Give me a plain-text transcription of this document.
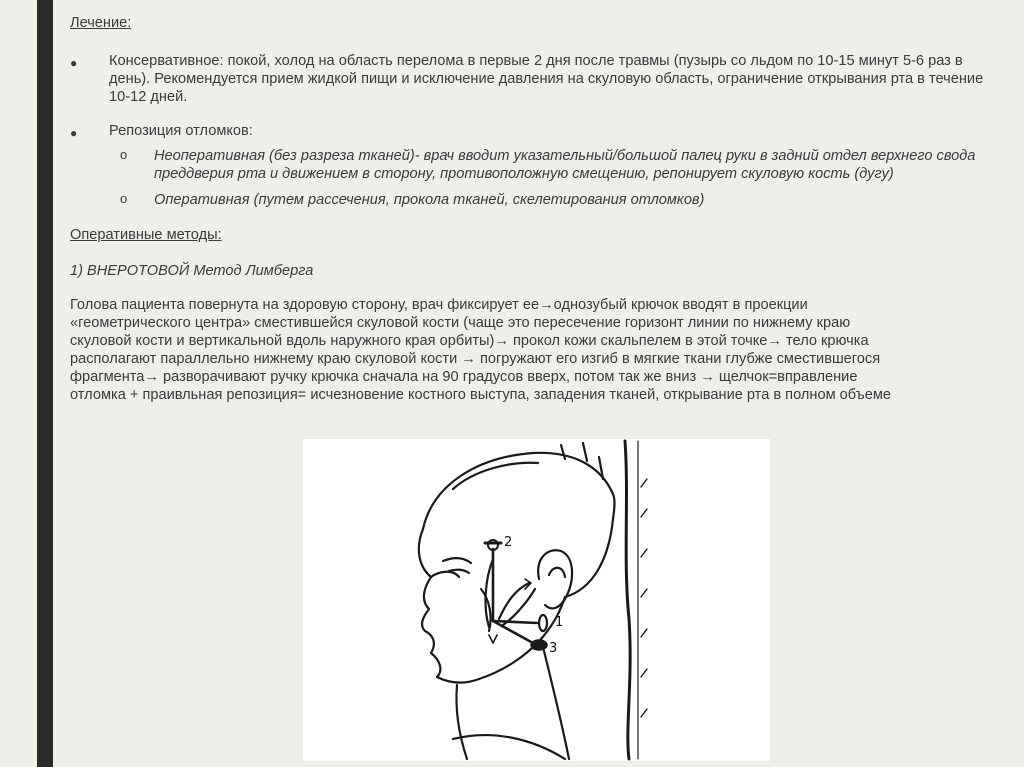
Лечение:

● Консервативное: покой, холод на область перелома в первые 2 дня после травмы (пузырь со льдом по 10-15 минут 5-6 раз в день). Рекомендуется прием жидкой пищи и исключение давления на скуловую область, ограничение открывания рта в течение 10-12 дней.

● Репозиция отломков:

o Неоперативная (без разреза тканей)- врач вводит указательный/большой палец руки в задний отдел верхнего свода преддверия рта и движением в сторону, противоположную смещению, репонирует скуловую кость (дугу)

o Оперативная (путем рассечения, прокола тканей, скелетирования отломков)

Оперативные методы:

1) ВНЕРОТОВОЙ Метод Лимберга

Голова пациента повернута на здоровую сторону, врач фиксирует ее→однозубый крючок вводят в проекции «геометрического центра» сместившейся скуловой кости (чаще это пересечение горизонт линии по нижнему краю скуловой кости и вертикальной вдоль наружного края орбиты)→ прокол кожи скальпелем в этой точке→ тело крючка располагают параллельно нижнему краю скуловой кости → погружают его изгиб в мягкие ткани глубже сместившегося фрагмента→ разворачивают ручку крючка сначала на 90 градусов вверх, потом так же вниз → щелчок=вправление отломка + праивльная репозиция= исчезновение костного выступа, западения тканей, открывание рта в полном объеме

2
1
3
